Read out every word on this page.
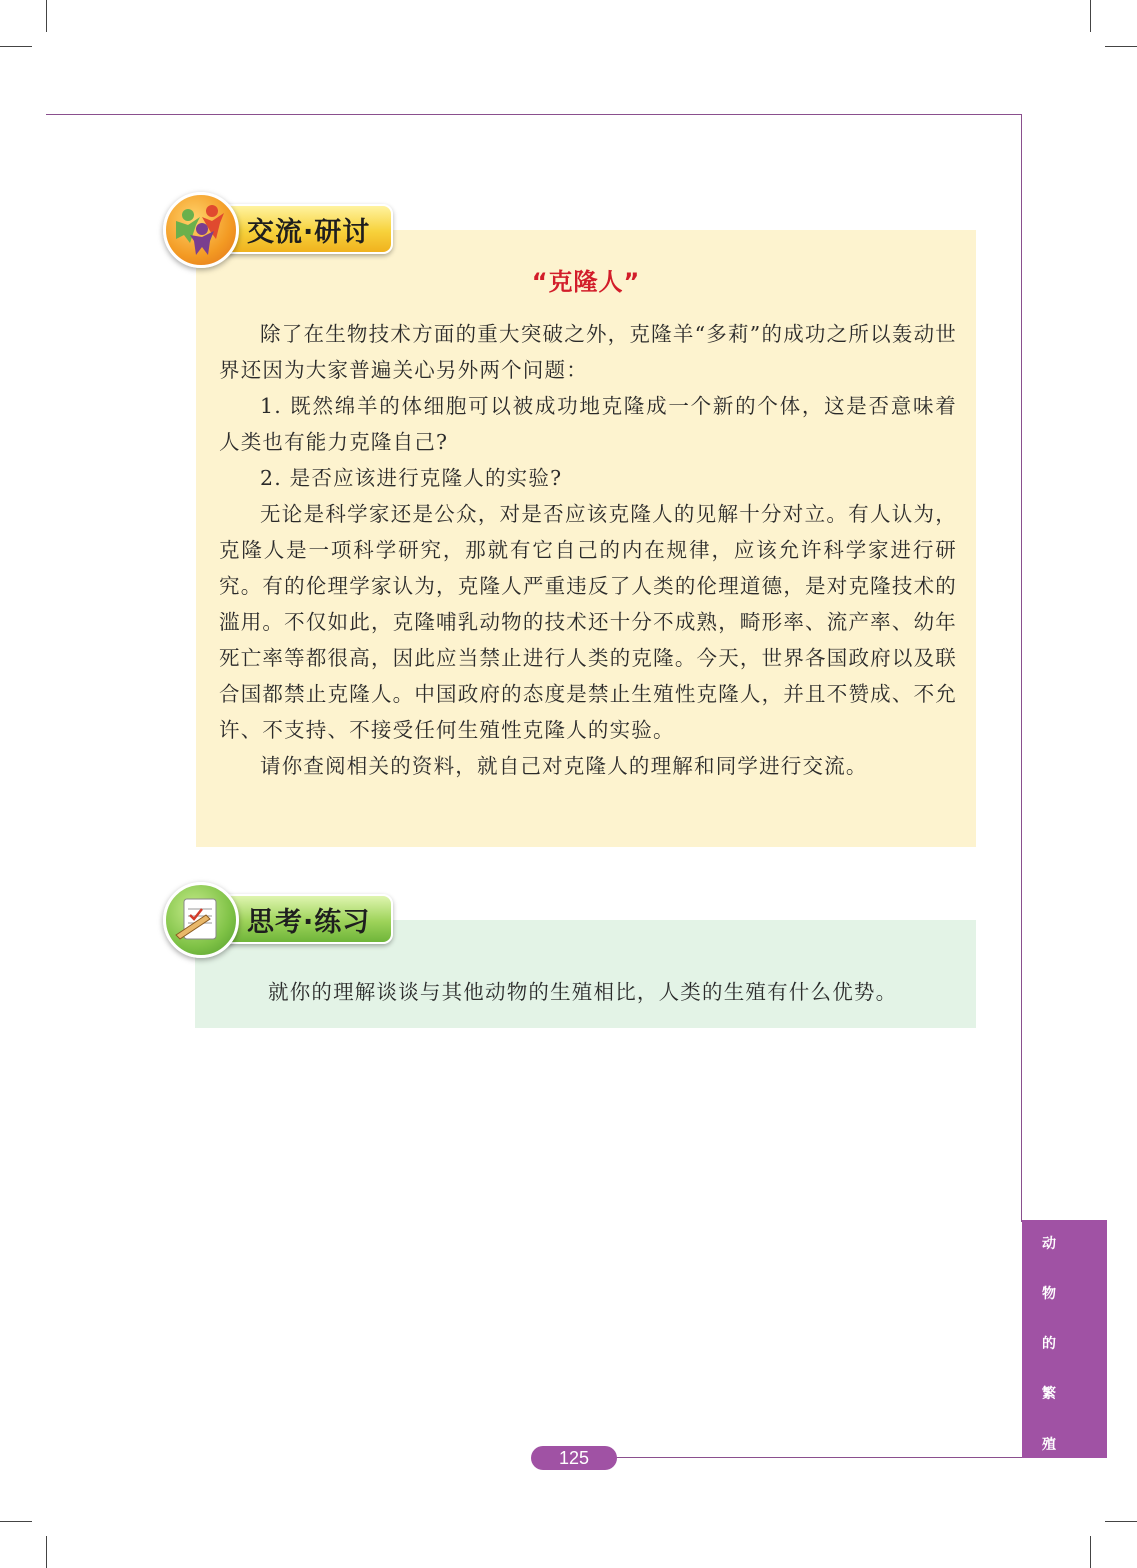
交流·研讨
“克隆人”

除了在生物技术方面的重大突破之外，克隆羊“多莉”的成功之所以轰动世界还因为大家普遍关心另外两个问题：

1. 既然绵羊的体细胞可以被成功地克隆成一个新的个体，这是否意味着人类也有能力克隆自己?

2. 是否应该进行克隆人的实验?

无论是科学家还是公众，对是否应该克隆人的见解十分对立。有人认为，克隆人是一项科学研究，那就有它自己的内在规律，应该允许科学家进行研究。有的伦理学家认为，克隆人严重违反了人类的伦理道德，是对克隆技术的滥用。不仅如此，克隆哺乳动物的技术还十分不成熟，畸形率、流产率、幼年死亡率等都很高，因此应当禁止进行人类的克隆。今天，世界各国政府以及联合国都禁止克隆人。中国政府的态度是禁止生殖性克隆人，并且不赞成、不允许、不支持、不接受任何生殖性克隆人的实验。

请你查阅相关的资料，就自己对克隆人的理解和同学进行交流。

思考·练习
就你的理解谈谈与其他动物的生殖相比，人类的生殖有什么优势。
动
物
的
繁
殖
125
